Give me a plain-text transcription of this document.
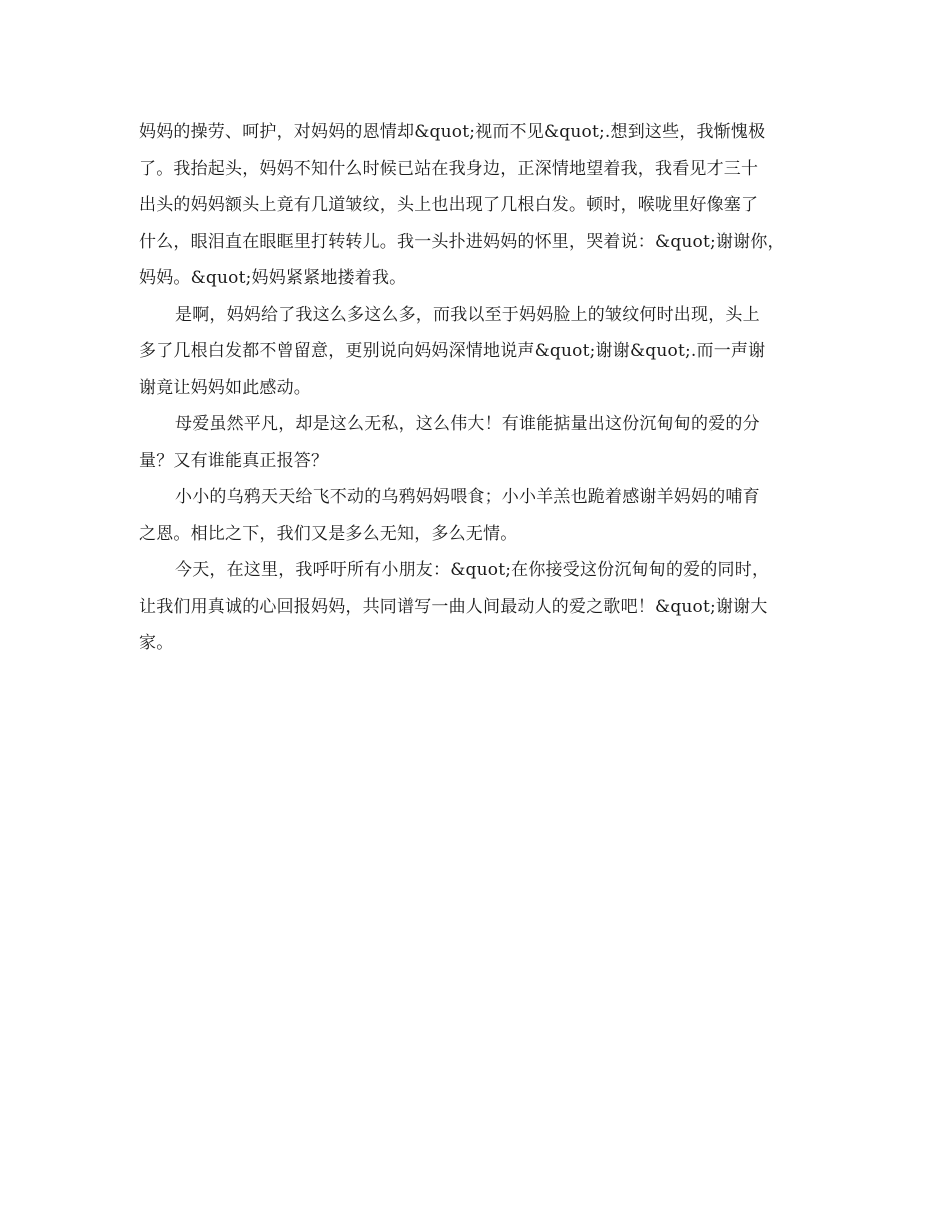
妈妈的操劳、呵护，对妈妈的恩情却&quot;视而不见&quot;.想到这些，我惭愧极
了。我抬起头，妈妈不知什么时候已站在我身边，正深情地望着我，我看见才三十
出头的妈妈额头上竟有几道皱纹，头上也出现了几根白发。顿时，喉咙里好像塞了
什么，眼泪直在眼眶里打转转儿。我一头扑进妈妈的怀里，哭着说：&quot;谢谢你，
妈妈。&quot;妈妈紧紧地搂着我。
是啊，妈妈给了我这么多这么多，而我以至于妈妈脸上的皱纹何时出现，头上
多了几根白发都不曾留意，更别说向妈妈深情地说声&quot;谢谢&quot;.而一声谢
谢竟让妈妈如此感动。
母爱虽然平凡，却是这么无私，这么伟大！有谁能掂量出这份沉甸甸的爱的分
量？又有谁能真正报答？
小小的乌鸦天天给飞不动的乌鸦妈妈喂食；小小羊羔也跪着感谢羊妈妈的哺育
之恩。相比之下，我们又是多么无知，多么无情。
今天，在这里，我呼吁所有小朋友：&quot;在你接受这份沉甸甸的爱的同时，
让我们用真诚的心回报妈妈，共同谱写一曲人间最动人的爱之歌吧！&quot;谢谢大
家。
